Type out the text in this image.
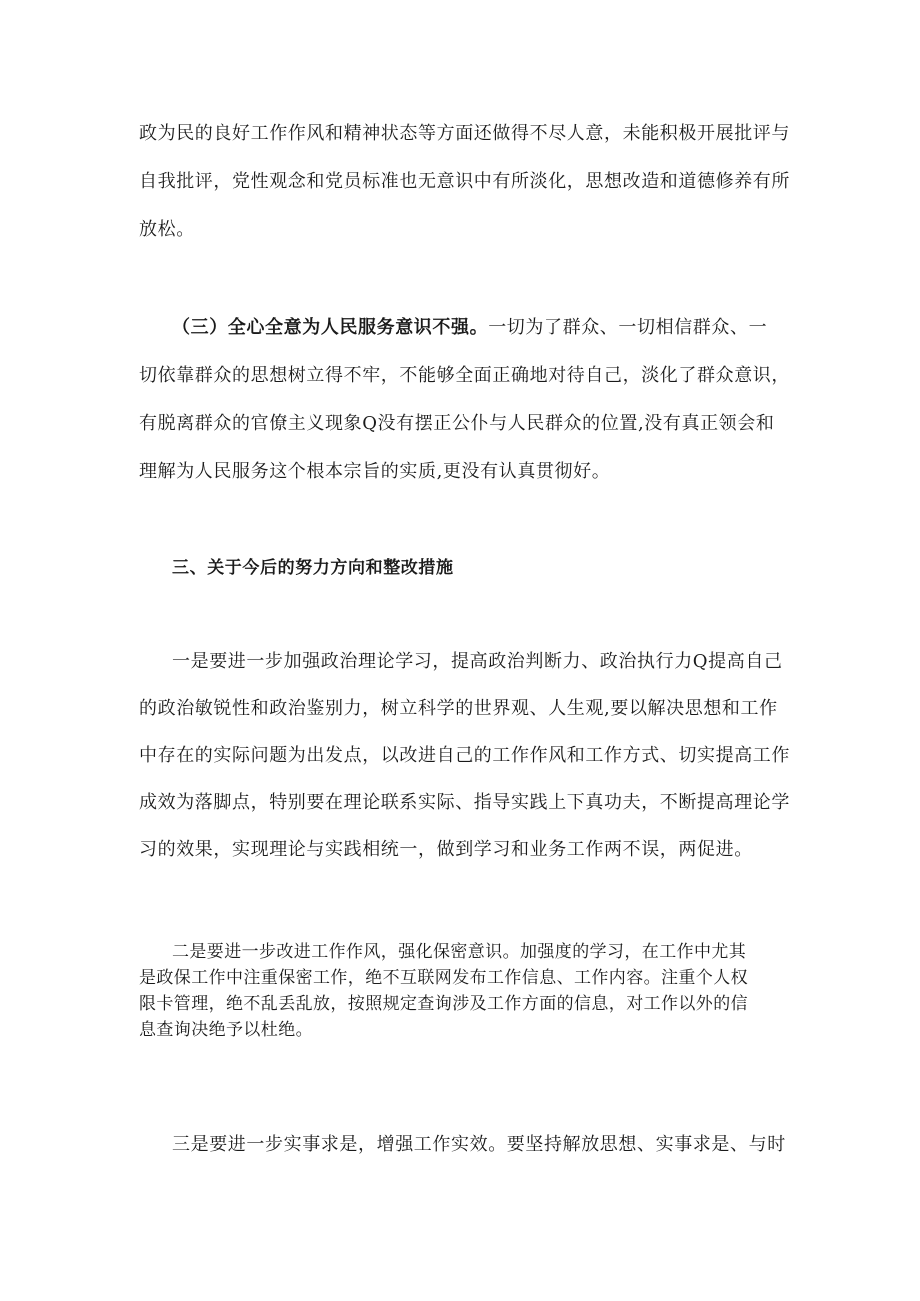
政为民的良好工作作风和精神状态等方面还做得不尽人意，未能积极开展批评与
自我批评，党性观念和党员标准也无意识中有所淡化，思想改造和道德修养有所
放松。
（三）全心全意为人民服务意识不强。一切为了群众、一切相信群众、一
切依靠群众的思想树立得不牢，不能够全面正确地对待自己，淡化了群众意识，
有脱离群众的官僚主义现象Q没有摆正公仆与人民群众的位置,没有真正领会和
理解为人民服务这个根本宗旨的实质,更没有认真贯彻好。
三、关于今后的努力方向和整改措施
一是要进一步加强政治理论学习，提高政治判断力、政治执行力Q提高自己
的政治敏锐性和政治鉴别力，树立科学的世界观、人生观,要以解决思想和工作
中存在的实际问题为出发点，以改进自己的工作作风和工作方式、切实提高工作
成效为落脚点，特别要在理论联系实际、指导实践上下真功夫，不断提高理论学
习的效果，实现理论与实践相统一，做到学习和业务工作两不误，两促进。
二是要进一步改进工作作风，强化保密意识。加强度的学习，在工作中尤其
是政保工作中注重保密工作，绝不互联网发布工作信息、工作内容。注重个人权
限卡管理，绝不乱丢乱放，按照规定查询涉及工作方面的信息，对工作以外的信
息查询决绝予以杜绝。
三是要进一步实事求是，增强工作实效。要坚持解放思想、实事求是、与时
